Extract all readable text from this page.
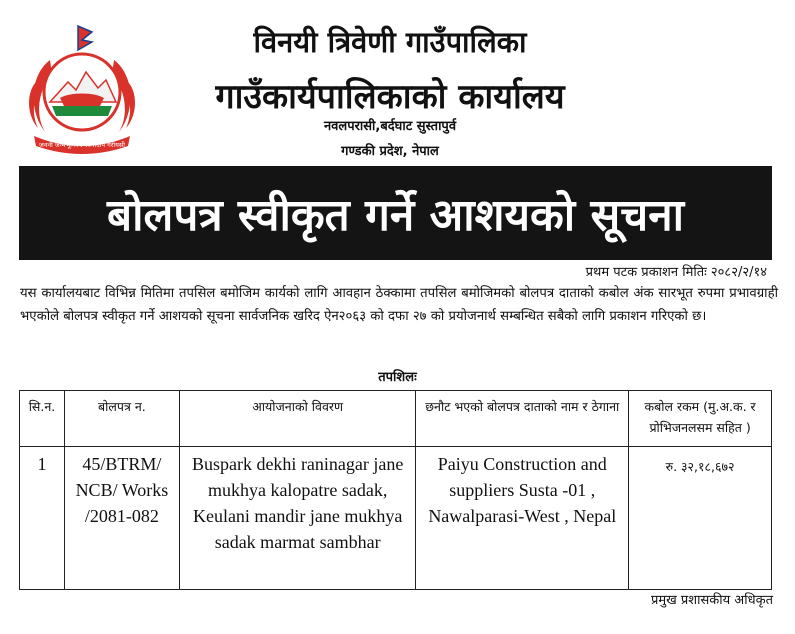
जननी जन्मभूमिश्च स्वर्गादपि गरीयसी
विनयी त्रिवेणी गाउँपालिका
गाउँकार्यपालिकाको कार्यालय
नवलपरासी,बर्दघाट सुस्तापुर्व
गण्डकी प्रदेश, नेपाल
बोलपत्र स्वीकृत गर्ने आशयको सूचना
प्रथम पटक प्रकाशन मितिः २०८२/२/१४
यस कार्यालयबाट विभिन्न मितिमा तपसिल बमोजिम कार्यको लागि आवहान ठेक्कामा तपसिल बमोजिमको बोलपत्र दाताको कबोल अंक सारभूत रुपमा प्रभावग्राही भएकोले बोलपत्र स्वीकृत गर्ने आशयको सूचना सार्वजनिक खरिद ऐन२०६३ को दफा २७ को प्रयोजनार्थ सम्बन्धित सबैको लागि प्रकाशन गरिएको छ।
तपशिलः
सि.न.	बोलपत्र न.	आयोजनाको विवरण	छनौट भएको बोलपत्र दाताको नाम र ठेगाना	कबोल रकम (मु.अ.क. र प्रोभिजनलसम सहित )
1	45/BTRM/ NCB/ Works /2081-082	Buspark dekhi raninagar jane mukhya kalopatre sadak, Keulani mandir jane mukhya sadak marmat sambhar	Paiyu Construction and suppliers Susta -01 , Nawalparasi-West , Nepal	रु. ३२,१८,६७२
प्रमुख प्रशासकीय अधिकृत
